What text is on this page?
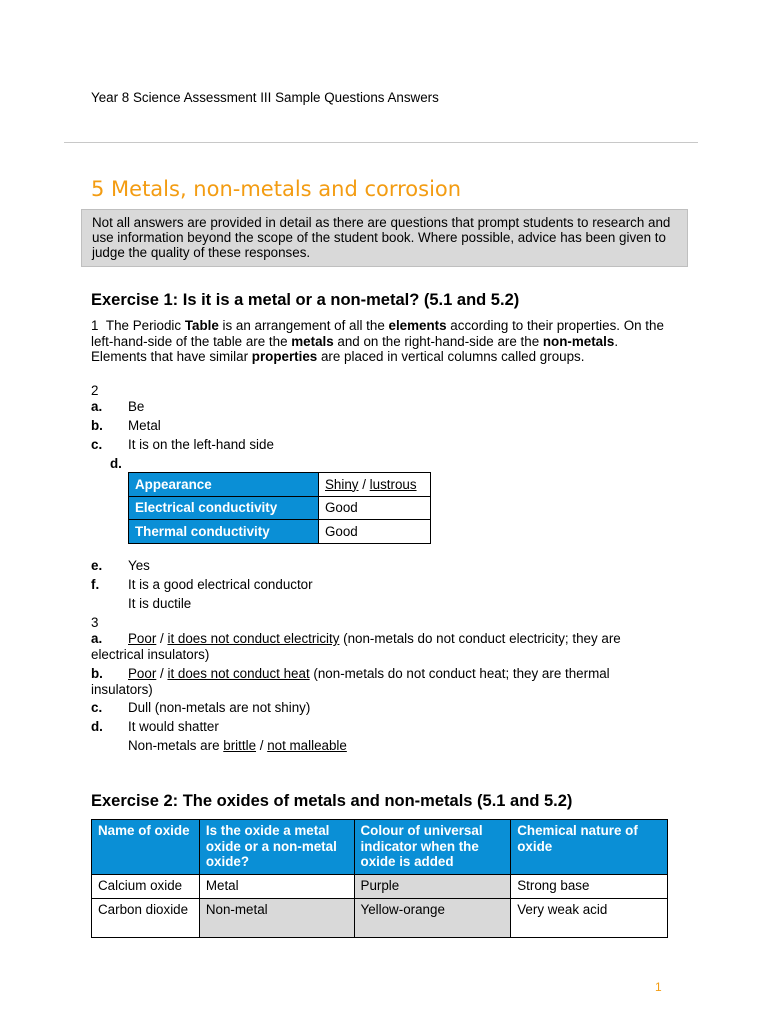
Year 8 Science Assessment III Sample Questions Answers
5 Metals, non-metals and corrosion
Not all answers are provided in detail as there are questions that prompt students to research and use information beyond the scope of the student book. Where possible, advice has been given to judge the quality of these responses.
Exercise 1: Is it is a metal or a non-metal? (5.1 and 5.2)
1 The Periodic Table is an arrangement of all the elements according to their properties. On the left-hand-side of the table are the metals and on the right-hand-side are the non-metals. Elements that have similar properties are placed in vertical columns called groups.
2
a. Be
b. Metal
c. It is on the left-hand side
d.
Appearance	Shiny / lustrous
Electrical conductivity	Good
Thermal conductivity	Good
e. Yes
f. It is a good electrical conductor
It is ductile
3
a.	Poor / it does not conduct electricity (non-metals do not conduct electricity; they are electrical insulators)
b.	Poor / it does not conduct heat (non-metals do not conduct heat; they are thermal insulators)
c. Dull (non-metals are not shiny)
d. It would shatter
Non-metals are brittle / not malleable
Exercise 2: The oxides of metals and non-metals (5.1 and 5.2)
Name of oxide	Is the oxide a metal oxide or a non-metal oxide?	Colour of universal indicator when the oxide is added	Chemical nature of oxide
Calcium oxide	Metal	Purple	Strong base
Carbon dioxide	Non-metal	Yellow-orange	Very weak acid
1
